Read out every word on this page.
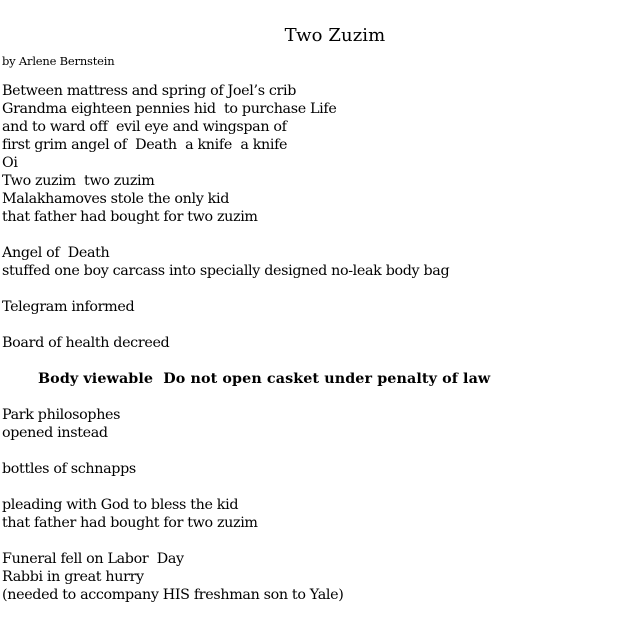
Two Zuzim
by Arlene Bernstein
Between mattress and spring of Joel’s crib
Grandma eighteen pennies hid  to purchase Life
and to ward off  evil eye and wingspan of
first grim angel of  Death  a knife  a knife
Oi
Two zuzim  two zuzim
Malakhamoves stole the only kid
that father had bought for two zuzim
Angel of  Death
stuffed one boy carcass into specially designed no-leak body bag
Telegram informed
Board of health decreed
Body viewable  Do not open casket under penalty of law
Park philosophes
opened instead
bottles of schnapps
pleading with God to bless the kid
that father had bought for two zuzim
Funeral fell on Labor  Day
Rabbi in great hurry
(needed to accompany HIS freshman son to Yale)
